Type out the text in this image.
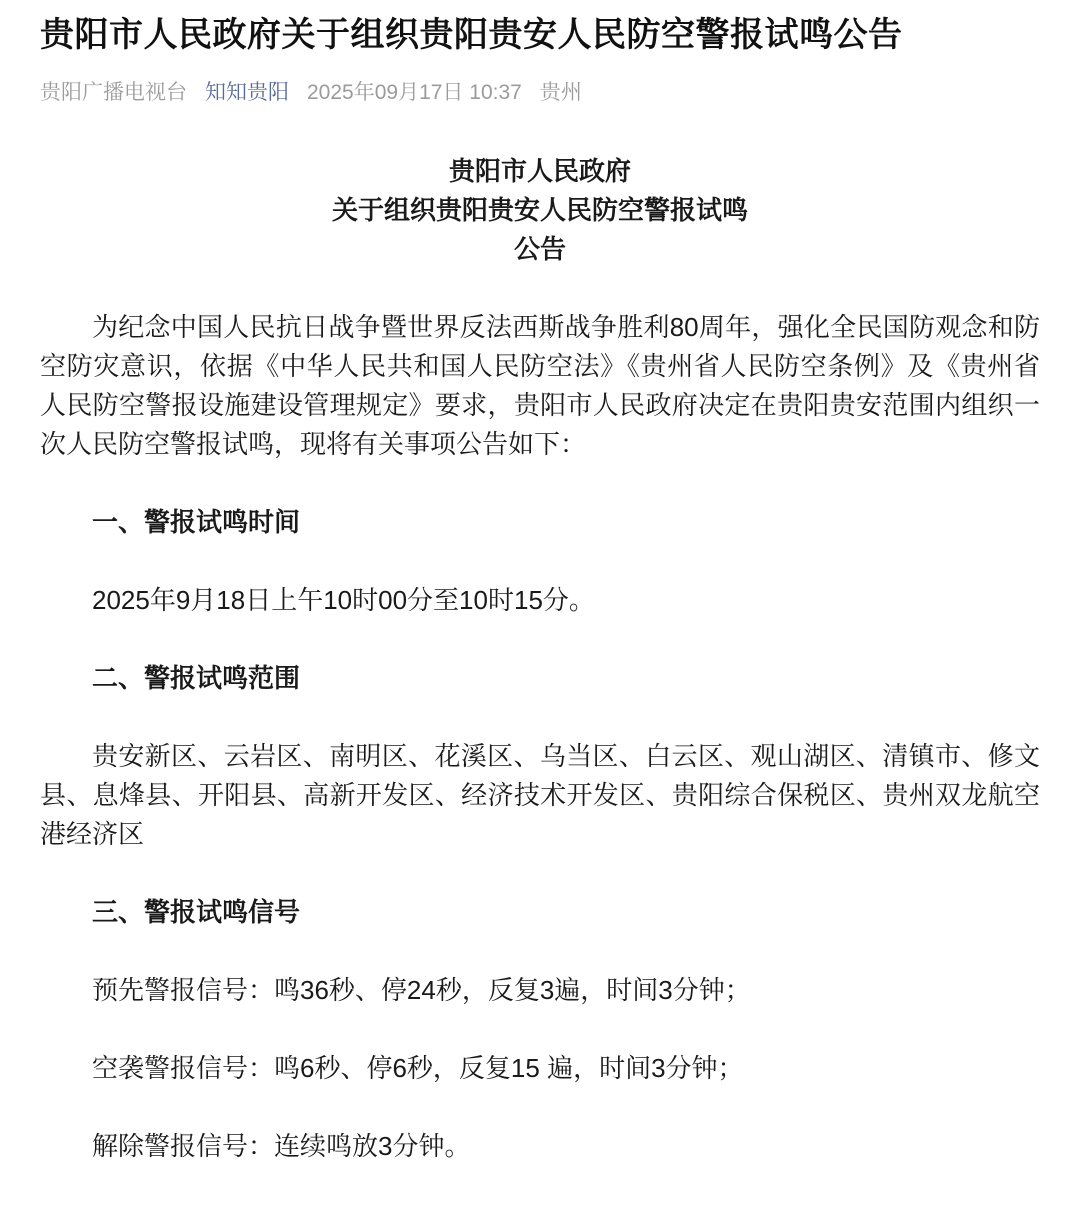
贵阳市人民政府关于组织贵阳贵安人民防空警报试鸣公告
贵阳广播电视台 知知贵阳 2025年09月17日 10:37 贵州
贵阳市人民政府
关于组织贵阳贵安人民防空警报试鸣
公告

为纪念中国人民抗日战争暨世界反法西斯战争胜利80周年，强化全民国防观念和防空防灾意识，依据《中华人民共和国人民防空法》《贵州省人民防空条例》及《贵州省人民防空警报设施建设管理规定》要求，贵阳市人民政府决定在贵阳贵安范围内组织一次人民防空警报试鸣，现将有关事项公告如下：

一、警报试鸣时间

2025年9月18日上午10时00分至10时15分。

二、警报试鸣范围

贵安新区、云岩区、南明区、花溪区、乌当区、白云区、观山湖区、清镇市、修文县、息烽县、开阳县、高新开发区、经济技术开发区、贵阳综合保税区、贵州双龙航空港经济区

三、警报试鸣信号

预先警报信号：鸣36秒、停24秒，反复3遍，时间3分钟；

空袭警报信号：鸣6秒、停6秒，反复15 遍，时间3分钟；

解除警报信号：连续鸣放3分钟。
